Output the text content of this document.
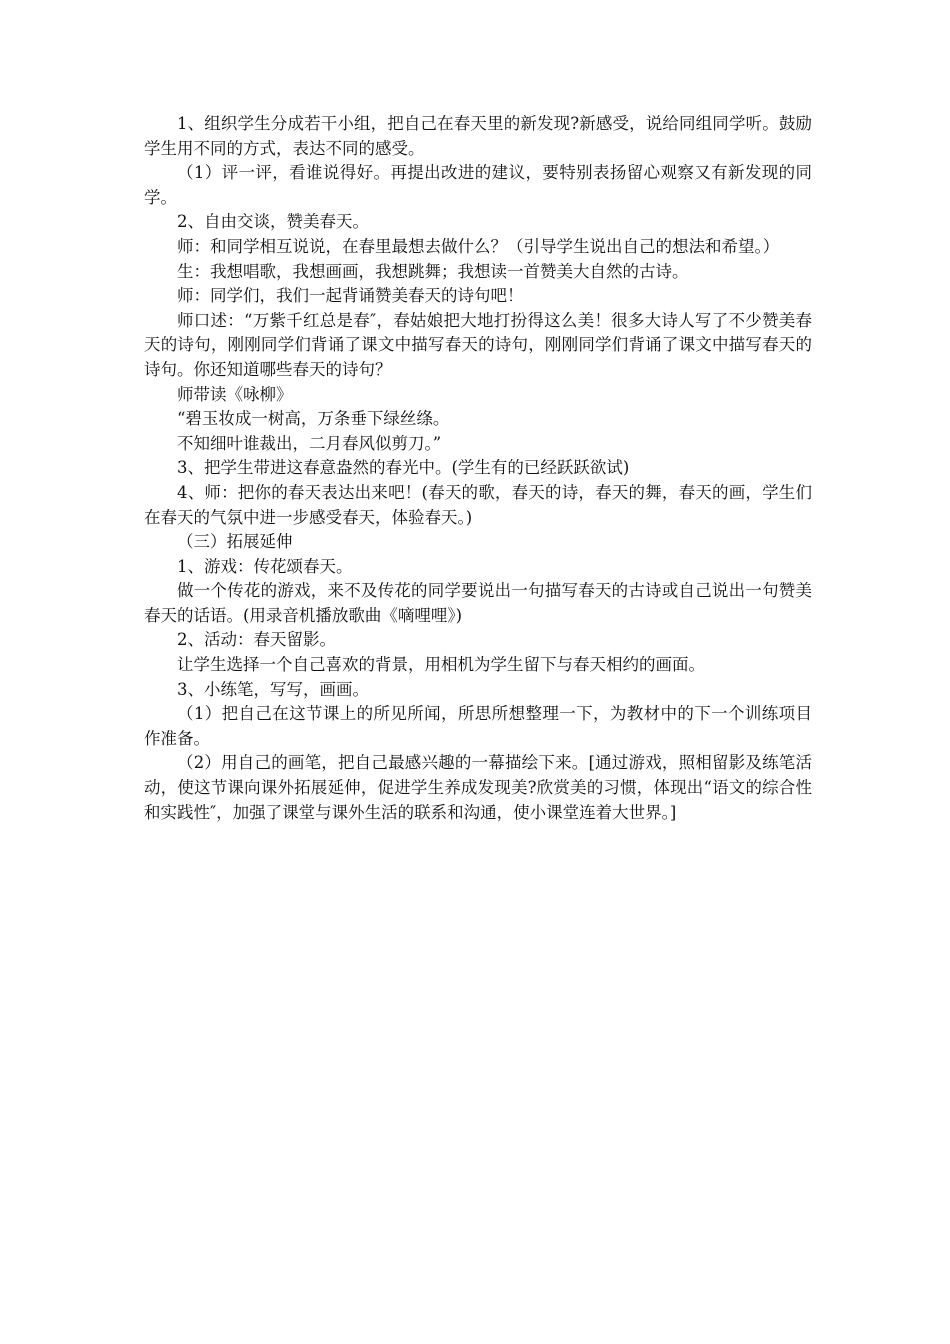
1、组织学生分成若干小组，把自己在春天里的新发现?新感受，说给同组同学听。鼓励学生用不同的方式，表达不同的感受。

（1）评一评，看谁说得好。再提出改进的建议，要特别表扬留心观察又有新发现的同学。

2、自由交谈，赞美春天。

师：和同学相互说说，在春里最想去做什么？（引导学生说出自己的想法和希望。）

生：我想唱歌，我想画画，我想跳舞；我想读一首赞美大自然的古诗。

师：同学们，我们一起背诵赞美春天的诗句吧！

师口述：“万紫千红总是春″，春姑娘把大地打扮得这么美！很多大诗人写了不少赞美春天的诗句，刚刚同学们背诵了课文中描写春天的诗句，刚刚同学们背诵了课文中描写春天的诗句。你还知道哪些春天的诗句？

师带读《咏柳》

“碧玉妆成一树高，万条垂下绿丝绦。

不知细叶谁裁出，二月春风似剪刀。”

3、把学生带进这春意盎然的春光中。(学生有的已经跃跃欲试)

4、师：把你的春天表达出来吧！(春天的歌，春天的诗，春天的舞，春天的画，学生们在春天的气氛中进一步感受春天，体验春天。)

（三）拓展延伸

1、游戏：传花颂春天。

做一个传花的游戏，来不及传花的同学要说出一句描写春天的古诗或自己说出一句赞美春天的话语。(用录音机播放歌曲《嘀哩哩》)

2、活动：春天留影。

让学生选择一个自己喜欢的背景，用相机为学生留下与春天相约的画面。

3、小练笔，写写，画画。

（1）把自己在这节课上的所见所闻，所思所想整理一下，为教材中的下一个训练项目作准备。

（2）用自己的画笔，把自己最感兴趣的一幕描绘下来。[通过游戏，照相留影及练笔活动，使这节课向课外拓展延伸，促进学生养成发现美?欣赏美的习惯，体现出“语文的综合性和实践性″，加强了课堂与课外生活的联系和沟通，使小课堂连着大世界。]
